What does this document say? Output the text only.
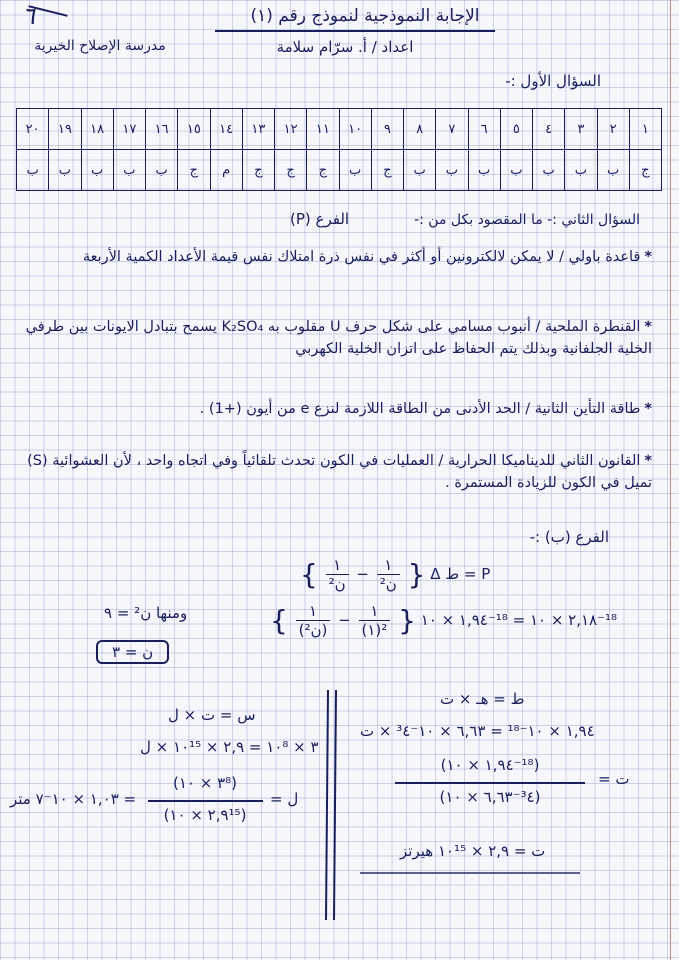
٦	الإجابة النموذجية لنموذج رقم (١)
اعداد / أ. سرّام سلامة
مدرسة الإصلاح الخيرية
السؤال الأول :-
١	٢	٣	٤	٥	٦	٧	٨	٩	١٠	١١	١٢	١٣	١٤	١٥	١٦	١٧	١٨	١٩	٢٠
ج	ب	ب	ب	ب	ب	ب	ب	ج	ب	ج	ج	ج	م	ج	ب	ب	ب	ب	ب
السؤال الثاني :- ما المقصود بكل من :-
الفرع (P)
*قاعدة باولي / لا يمكن لالكترونين أو أكثر في نفس ذرة امتلاك نفس قيمة الأعداد الكمية الأربعة
*القنطرة الملحية / أنبوب مسامي على شكل حرف U مقلوب به K₂SO₄ يسمح بتبادل الايونات بين طرفي الخلية الجلفانية وبذلك يتم الحفاظ على اتزان الخلية الكهربي
*طاقة التأين الثانية / الحد الأدنى من الطاقة اللازمة لنزع e من أيون (+1) .
*القانون الثاني للديناميكا الحرارية / العمليات في الكون تحدث تلقائياً وفي اتجاه واحد ، لأن العشوائية (S) تميل في الكون للزيادة المستمرة .
الفرع (ب) :-
{ $\frac{١}{\text{ن²}} - \frac{١}{\text{ن²}}$ } Δ ط = P
{ $\frac{١}{\text{(ن²)}} - \frac{١}{\text{(١)²}}$ } ١,٩٤ × ١٠⁻¹⁸ = ٢,١٨ × ١٠⁻¹⁸
ومنها ن² = ٩
ن = ٣
ط = هـ × ت
١,٩٤ × ١٠⁻¹⁸ = ٦,٦٣ × ١٠⁻³٤ × ت
(١,٩٤ × ١٠⁻¹⁸)
(٦,٦٣ × ١٠⁻³٤)
ت =
ت = ٢,٩ × ١٠¹⁵ هيرتز
س = ت × ل
٣ × ١٠⁸ = ٢,٩ × ١٠¹⁵ × ل
(٣ × ١٠⁸)
(٢,٩ × ١٠¹⁵)
ل =
= ١,٠٣ × ١٠⁻٧ متر
